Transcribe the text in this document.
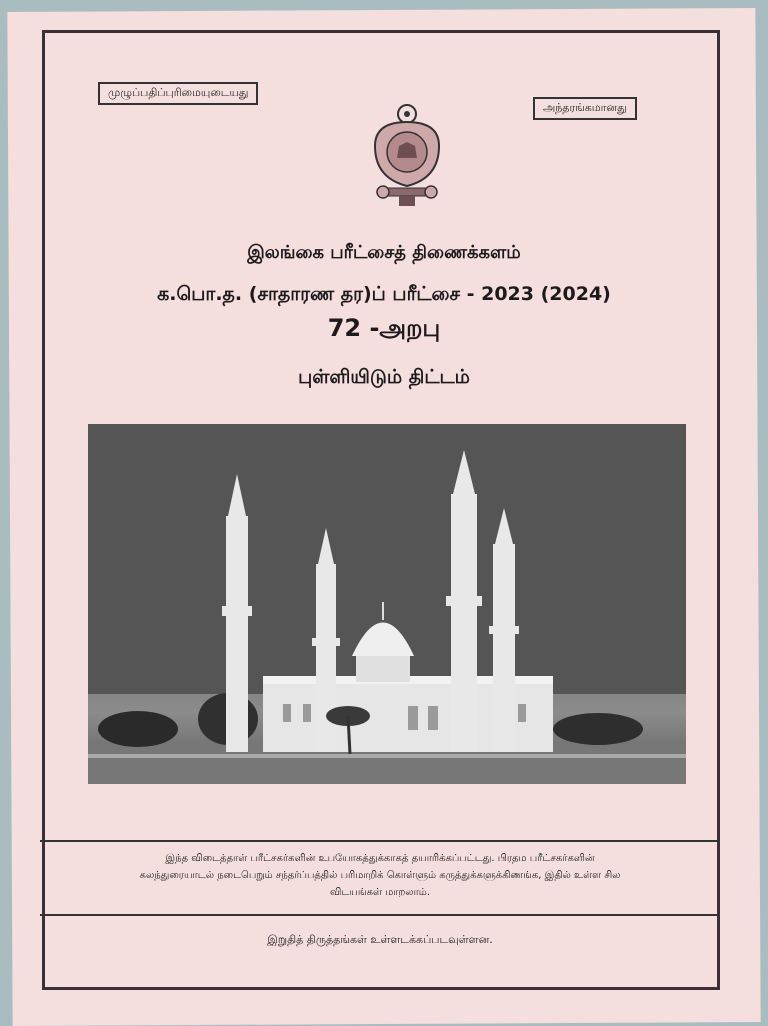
முழுப்பதிப்புரிமையுடையது
அந்தரங்கமானது
இலங்கை பரீட்சைத் திணைக்களம்
க.பொ.த. (சாதாரண தர)ப் பரீட்சை - 2023 (2024)
72 -அறபு
புள்ளியிடும் திட்டம்
இந்த விடைத்தாள் பரீட்சகர்களின் உபயோகத்துக்காகத் தயாரிக்கப்பட்டது. பிரதம பரீட்சகர்களின்
கலந்துரையாடல் நடைபெறும் சந்தர்ப்பத்தில் பரிமாறிக் கொள்ளும் கருத்துக்களுக்கிணங்க, இதில் உள்ள சில
விடயங்கள் மாறலாம்.
இறுதித் திருத்தங்கள் உள்ளடக்கப்படவுள்ளன.
